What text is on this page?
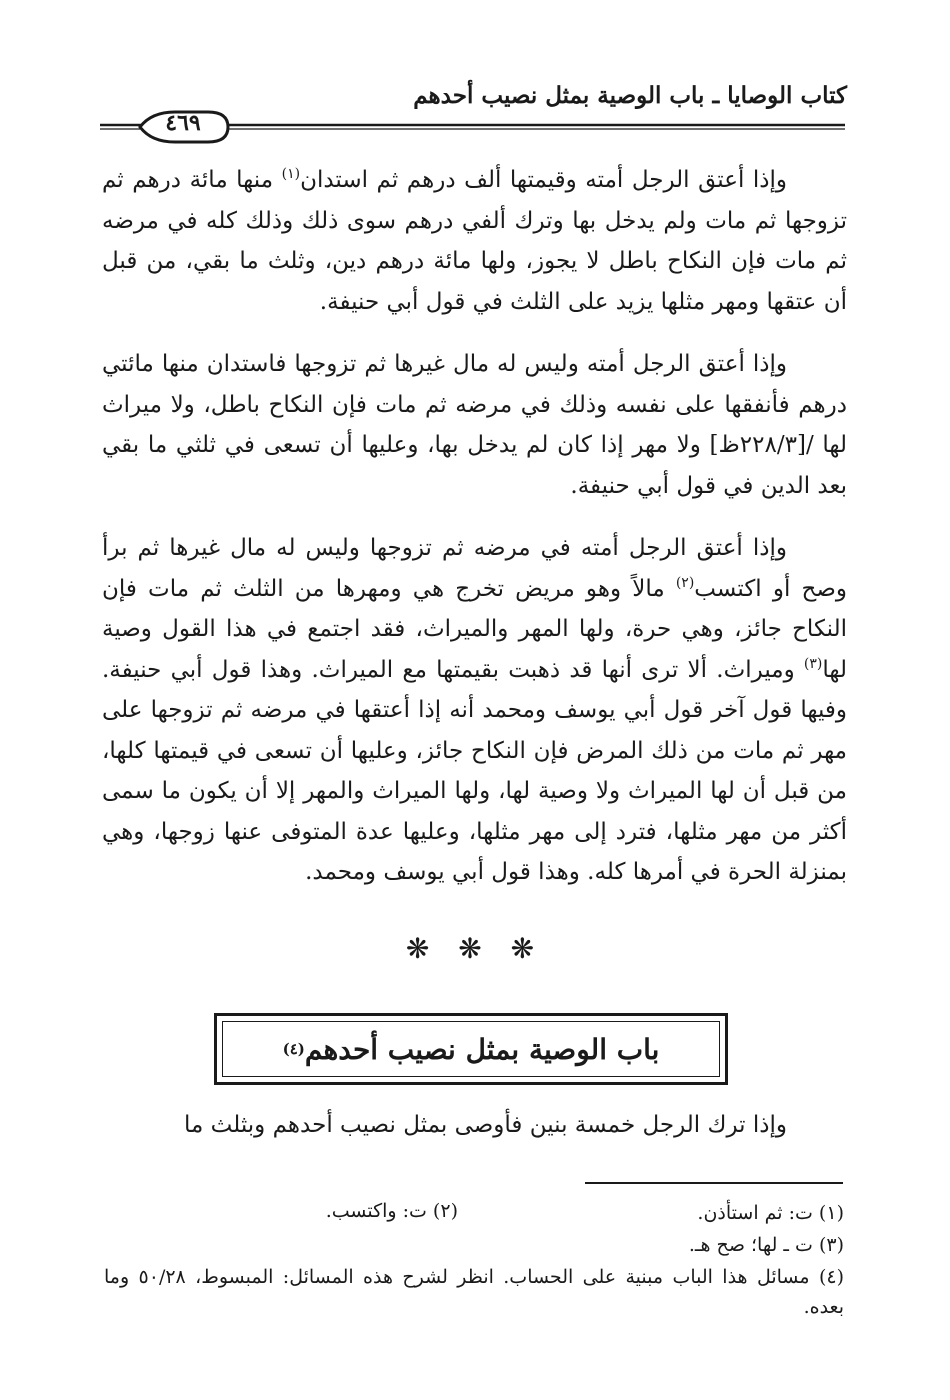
كتاب الوصايا ـ باب الوصية بمثل نصيب أحدهم
٤٦٩

وإذا أعتق الرجل أمته وقيمتها ألف درهم ثم استدان$^{(١)}$ منها مائة درهم ثم تزوجها ثم مات ولم يدخل بها وترك ألفي درهم سوى ذلك وذلك كله في مرضه ثم مات فإن النكاح باطل لا يجوز، ولها مائة درهم دين، وثلث ما بقي، من قبل أن عتقها ومهر مثلها يزيد على الثلث في قول أبي حنيفة.

وإذا أعتق الرجل أمته وليس له مال غيرها ثم تزوجها فاستدان منها مائتي درهم فأنفقها على نفسه وذلك في مرضه ثم مات فإن النكاح باطل، ولا ميراث لها /[٢٢٨/٣ظ] ولا مهر إذا كان لم يدخل بها، وعليها أن تسعى في ثلثي ما بقي بعد الدين في قول أبي حنيفة.

وإذا أعتق الرجل أمته في مرضه ثم تزوجها وليس له مال غيرها ثم برأ وصح أو اكتسب$^{(٢)}$ مالاً وهو مريض تخرج هي ومهرها من الثلث ثم مات فإن النكاح جائز، وهي حرة، ولها المهر والميراث، فقد اجتمع في هذا القول وصية لها$^{(٣)}$ وميراث. ألا ترى أنها قد ذهبت بقيمتها مع الميراث. وهذا قول أبي حنيفة. وفيها قول آخر قول أبي يوسف ومحمد أنه إذا أعتقها في مرضه ثم تزوجها على مهر ثم مات من ذلك المرض فإن النكاح جائز، وعليها أن تسعى في قيمتها كلها، من قبل أن لها الميراث ولا وصية لها، ولها الميراث والمهر إلا أن يكون ما سمى أكثر من مهر مثلها، فترد إلى مهر مثلها، وعليها عدة المتوفى عنها زوجها، وهي بمنزلة الحرة في أمرها كله. وهذا قول أبي يوسف ومحمد.

❋ ❋ ❋
باب الوصية بمثل نصيب أحدهم
(٤)
وإذا ترك الرجل خمسة بنين فأوصى بمثل نصيب أحدهم وبثلث ما
(١) ت: ثم استأذن.
(٢) ت: واكتسب.
(٣) ت ـ لها؛ صح هـ.
(٤) مسائل هذا الباب مبنية على الحساب. انظر لشرح هذه المسائل: المبسوط، ٥٠/٢٨ وما بعده.
